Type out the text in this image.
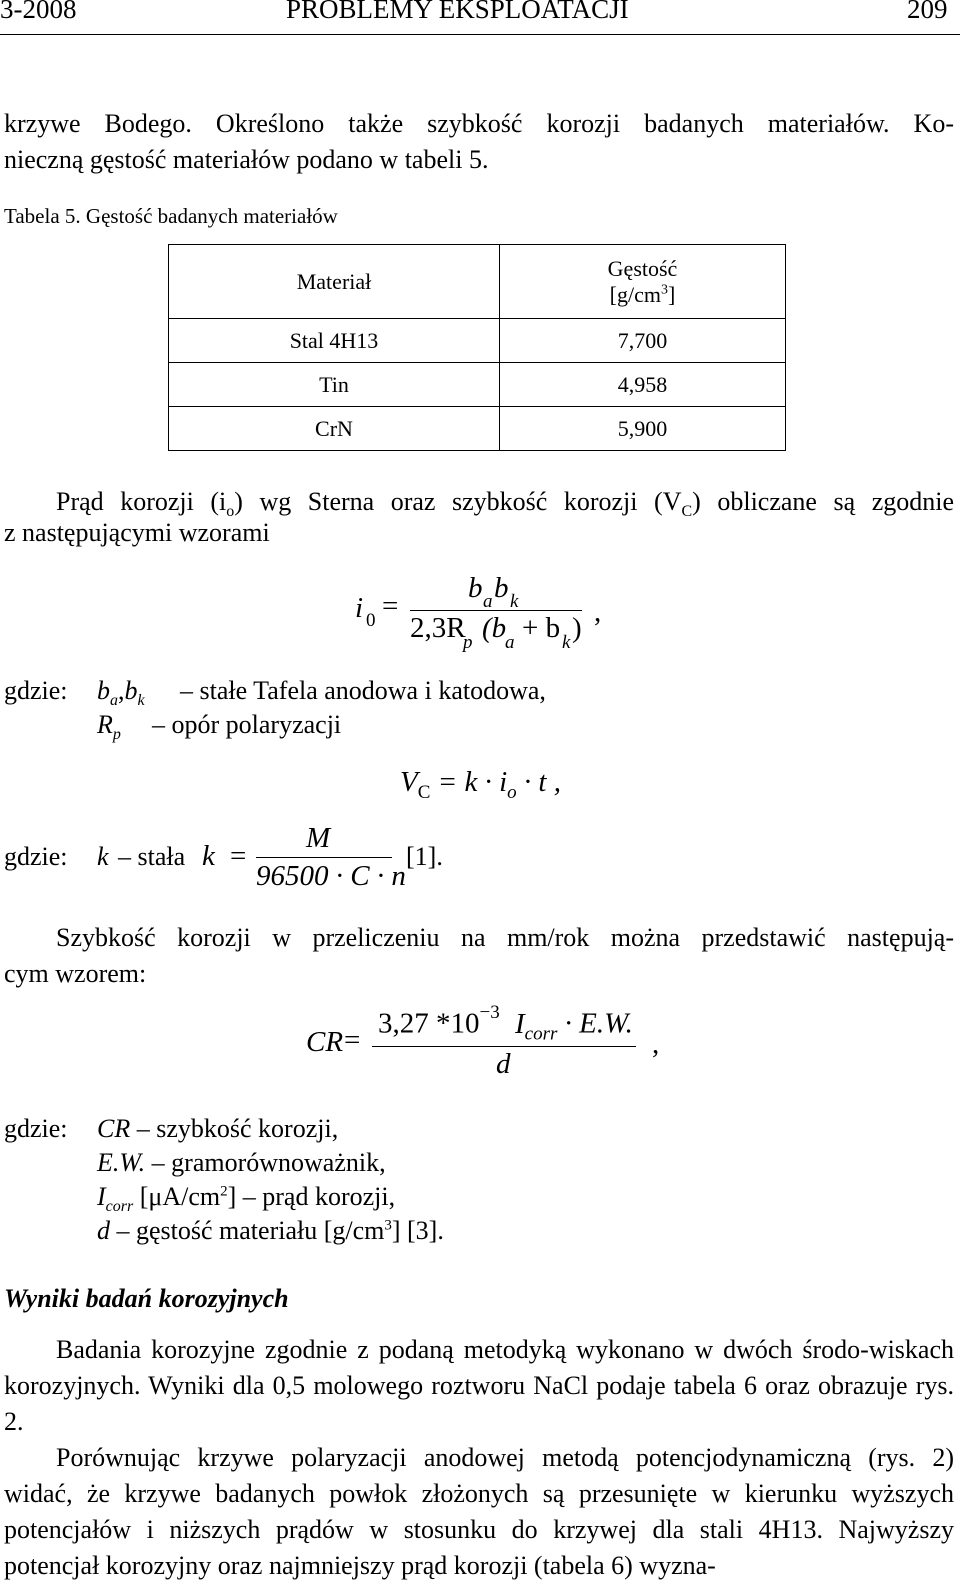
3-2008	PROBLEMY EKSPLOATACJI	209

krzywe Bodego. Określono także szybkość korozji badanych materiałów. Ko-

nieczną gęstość materiałów podano w tabeli 5.

Tabela 5. Gęstość badanych materiałów
Materiał	Gęstość
$[g/cm^3]$

Stal 4H13	7,700
Tin	4,958
CrN	5,900

Prąd korozji $(i_o)$ wg Sterna oraz szybkość korozji $(V_C)$ obliczane są zgodnie

z następującymi wzorami
i 0 =
b a b k
2,3R
p (b
a + b k ) ,
gdzie: $b_a,b_k$ – stałe Tafela anodowa i katodowa,
$R_p$ – opór polaryzacji
$V_C = k \cdot i_o \cdot t$ ,
gdzie: k – stała k =
M
96500 · C · n
[1].

Szybkość korozji w przeliczeniu na mm/rok można przedstawić następują-

cym wzorem:

CR =
3,27 $*10^{-3}$ $I_{corr} \cdot E.W$.
d
,
gdzie: CR – szybkość korozji,
E.W. – gramorównoważnik,
$I_{corr}$ $[\mu A/cm^2]$ – prąd korozji,
d – gęstość materiału $[g/cm^3]$ [3].
Wyniki badań korozyjnych

Badania korozyjne zgodnie z podaną metodyką wykonano w dwóch środo-wiskach korozyjnych. Wyniki dla 0,5 molowego roztworu NaCl podaje tabela 6 oraz obrazuje rys. 2.

Porównując krzywe polaryzacji anodowej metodą potencjodynamiczną (rys. 2) widać, że krzywe badanych powłok złożonych są przesunięte w kierunku wyższych potencjałów i niższych prądów w stosunku do krzywej dla stali 4H13. Najwyższy potencjał korozyjny oraz najmniejszy prąd korozji (tabela 6) wyzna-
